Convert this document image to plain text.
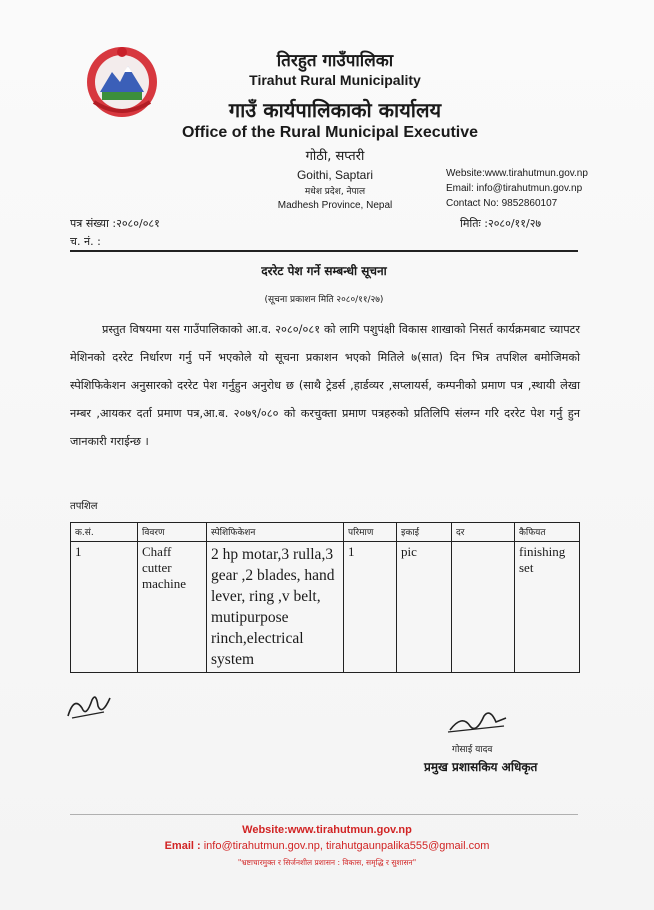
तिरहुत गाउँपालिका
Tirahut Rural Municipality
गाउँ कार्यपालिकाको कार्यालय
Office of the Rural Municipal Executive
गोठी, सप्तरी
Goithi, Saptari
मधेश प्रदेश, नेपाल
Madhesh Province, Nepal
Website:www.tirahutmun.gov.np
Email: info@tirahutmun.gov.np
Contact No: 9852860107
पत्र संख्या :२०८०/०८१
च. नं. :
मितिः :२०८०/११/२७
दररेट पेश गर्ने सम्बन्धी सूचना
(सूचना प्रकाशन मिति २०८०/११/२७)
प्रस्तुत विषयमा यस गाउँपालिकाको आ.व. २०८०/०८१ को लागि पशुपंक्षी विकास शाखाको निसर्त कार्यक्रमबाट च्यापटर मेशिनको दररेट निर्धारण गर्नु पर्ने भएकोले यो सूचना प्रकाशन भएको मितिले ७(सात) दिन भित्र तपशिल बमोजिमको स्पेशिफिकेशन अनुसारको दररेट पेश गर्नुहुन अनुरोध छ (साथै ट्रेडर्स ,हार्डव्यर ,सप्लायर्स, कम्पनीको प्रमाण पत्र ,स्थायी लेखा नम्बर ,आयकर दर्ता प्रमाण पत्र,आ.ब. २०७९/०८० को करचुक्ता प्रमाण पत्रहरुको प्रतिलिपि संलग्न गरि दररेट पेश गर्नु हुन जानकारी गराईन्छ ।
तपशिल
क.सं.	विवरण	स्पेशिफिकेशन	परिमाण	इकाई	दर	कैफियत
1	Chaff cutter machine	2 hp motar,3 rulla,3 gear ,2 blades, hand lever, ring ,v belt, mutipurpose rinch,electrical system	1	pic		finishing set
गोसाई यादव
प्रमुख प्रशासकिय अधिकृत
Website:www.tirahutmun.gov.np
Email : info@tirahutmun.gov.np, tirahutgaunpalika555@gmail.com
"भ्रष्टाचारमुक्त र सिर्जनशील प्रशासन : विकास, समृद्धि र सुशासन"
